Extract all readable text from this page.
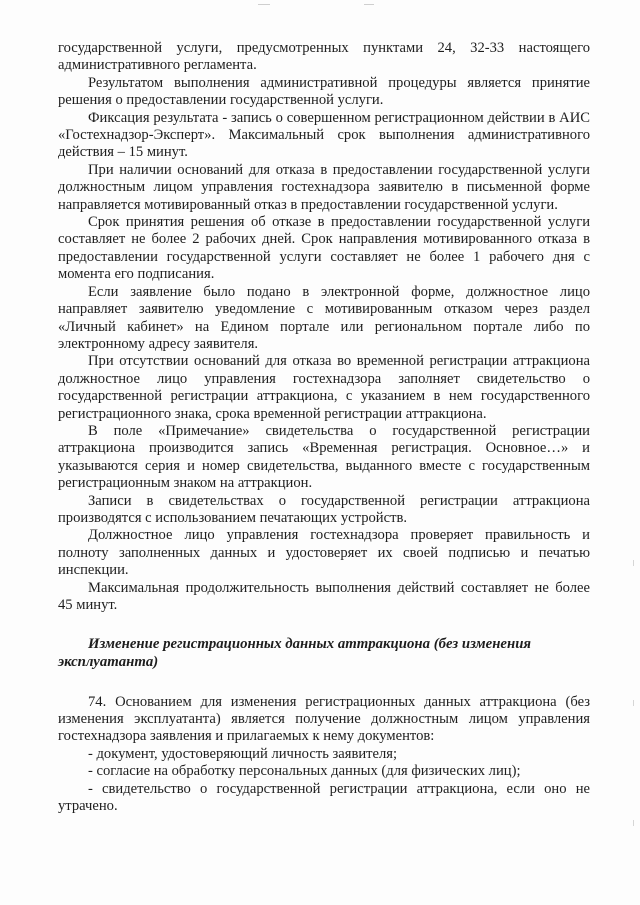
государственной услуги, предусмотренных пунктами 24, 32-33 настоящего административного регламента.

Результатом выполнения административной процедуры является принятие решения о предоставлении государственной услуги.

Фиксация результата - запись о совершенном регистрационном действии в АИС «Гостехнадзор-Эксперт». Максимальный срок выполнения административного действия – 15 минут.

При наличии оснований для отказа в предоставлении государственной услуги должностным лицом управления гостехнадзора заявителю в письменной форме направляется мотивированный отказ в предоставлении государственной услуги.

Срок принятия решения об отказе в предоставлении государственной услуги составляет не более 2 рабочих дней. Срок направления мотивированного отказа в предоставлении государственной услуги составляет не более 1 рабочего дня с момента его подписания.

Если заявление было подано в электронной форме, должностное лицо направляет заявителю уведомление с мотивированным отказом через раздел «Личный кабинет» на Едином портале или региональном портале либо по электронному адресу заявителя.

При отсутствии оснований для отказа во временной регистрации аттракциона должностное лицо управления гостехнадзора заполняет свидетельство о государственной регистрации аттракциона, с указанием в нем государственного регистрационного знака, срока временной регистрации аттракциона.

В поле «Примечание» свидетельства о государственной регистрации аттракциона производится запись «Временная регистрация. Основное…» и указываются серия и номер свидетельства, выданного вместе с государственным регистрационным знаком на аттракцион.

Записи в свидетельствах о государственной регистрации аттракциона производятся с использованием печатающих устройств.

Должностное лицо управления гостехнадзора проверяет правильность и полноту заполненных данных и удостоверяет их своей подписью и печатью инспекции.

Максимальная продолжительность выполнения действий составляет не более 45 минут.

Изменение регистрационных данных аттракциона (без изменения эксплуатанта)

74. Основанием для изменения регистрационных данных аттракциона (без изменения эксплуатанта) является получение должностным лицом управления гостехнадзора заявления и прилагаемых к нему документов:

- документ, удостоверяющий личность заявителя;

- согласие на обработку персональных данных (для физических лиц);

- свидетельство о государственной регистрации аттракциона, если оно не утрачено.
